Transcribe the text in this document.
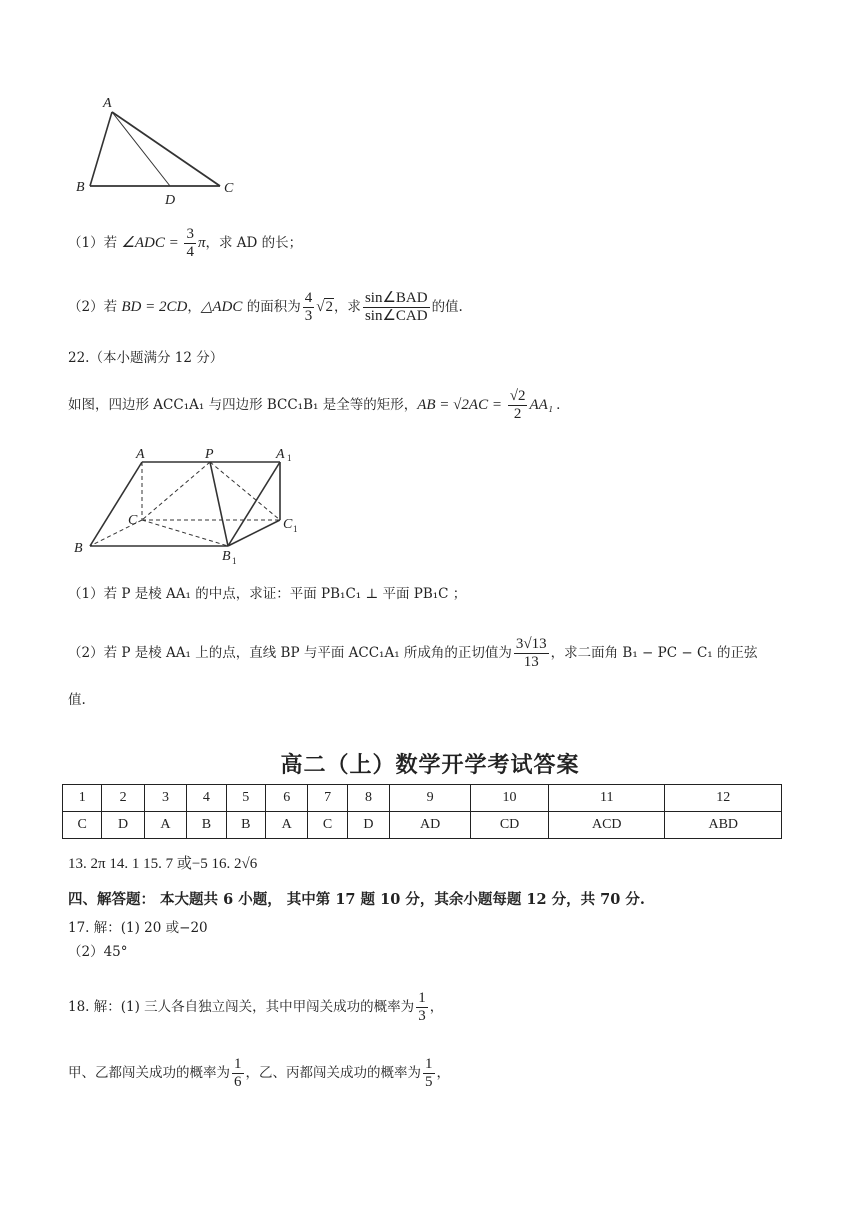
A
B
D
C
（1）若 ∠ADC = $\frac{3}{4}$ π，求 AD 的长；
（2）若 BD = 2CD，△ADC 的面积为 $\frac{4}{3} √2$，求 $\frac{\text{sin∠BAD}}{\text{sin∠CAD}}$ 的值.
22.（本小题满分 12 分）
如图，四边形 ACC₁A₁ 与四边形 BCC₁B₁ 是全等的矩形，AB = $√2AC = \frac{√2}{2} AA_1$ .
A	P	A 1
C	C 1
B
B 1
（1）若 P 是棱 AA₁ 的中点，求证：平面 PB₁C₁ ⊥ 平面 PB₁C ；
（2）若 P 是棱 AA₁ 上的点，直线 BP 与平面 ACC₁A₁ 所成角的正切值为 $\frac{3√13}{13}$ ，求二面角 B₁ − PC − C₁ 的正弦
值.
高二（上）数学开学考试答案
1	2	3	4	5	6	7	8	9	10	11	12
C	D	A	B	B	A	C	D	AD	CD	ACD	ABD
13. 2π 14. 1 15. 7 或−5 16. 2√6
四、解答题： 本大题共 6 小题， 其中第 17 题 10 分，其余小题每题 12 分，共 70 分.
17. 解：(1) 20 或−20
（2）45°
18. 解：(1) 三人各自独立闯关，其中甲闯关成功的概率为 $\frac{1}{3}$ ，
甲、乙都闯关成功的概率为 $\frac{1}{6}$ ，乙、丙都闯关成功的概率为 $\frac{1}{5}$ ，
